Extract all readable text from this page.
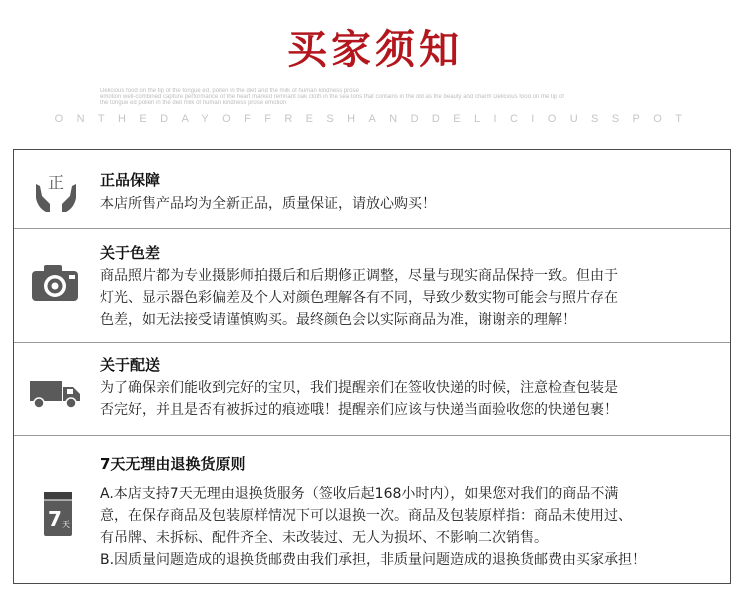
买家须知
Delicious food on the tip of the tongue ed, pollen in the diet and the milk of human kindness prose
emotion well-combined capture performance of the heart marked remnant oak cloth in the sea tons that contains in the old as the beauty and charm Delicious food on the tip of
the tongue ed pollen in the diet milk of human kindness prose emotion
ONTHEDAYOFFRESHANDDELICIOUSSPOT
正 正品保障
本店所售产品均为全新正品，质量保证，请放心购买！
关于色差
商品照片都为专业摄影师拍摄后和后期修正调整，尽量与现实商品保持一致。但由于
灯光、显示器色彩偏差及个人对颜色理解各有不同，导致少数实物可能会与照片存在
色差，如无法接受请谨慎购买。最终颜色会以实际商品为准，谢谢亲的理解！
关于配送
为了确保亲们能收到完好的宝贝，我们提醒亲们在签收快递的时候，注意检查包装是
否完好，并且是否有被拆过的痕迹哦！提醒亲们应该与快递当面验收您的快递包裹！
7 天
7天无理由退换货原则
A.本店支持7天无理由退换货服务（签收后起168小时内），如果您对我们的商品不满
意，在保存商品及包装原样情况下可以退换一次。商品及包装原样指：商品未使用过、
有吊牌、未拆标、配件齐全、未改装过、无人为损坏、不影响二次销售。
B.因质量问题造成的退换货邮费由我们承担，非质量问题造成的退换货邮费由买家承担！
